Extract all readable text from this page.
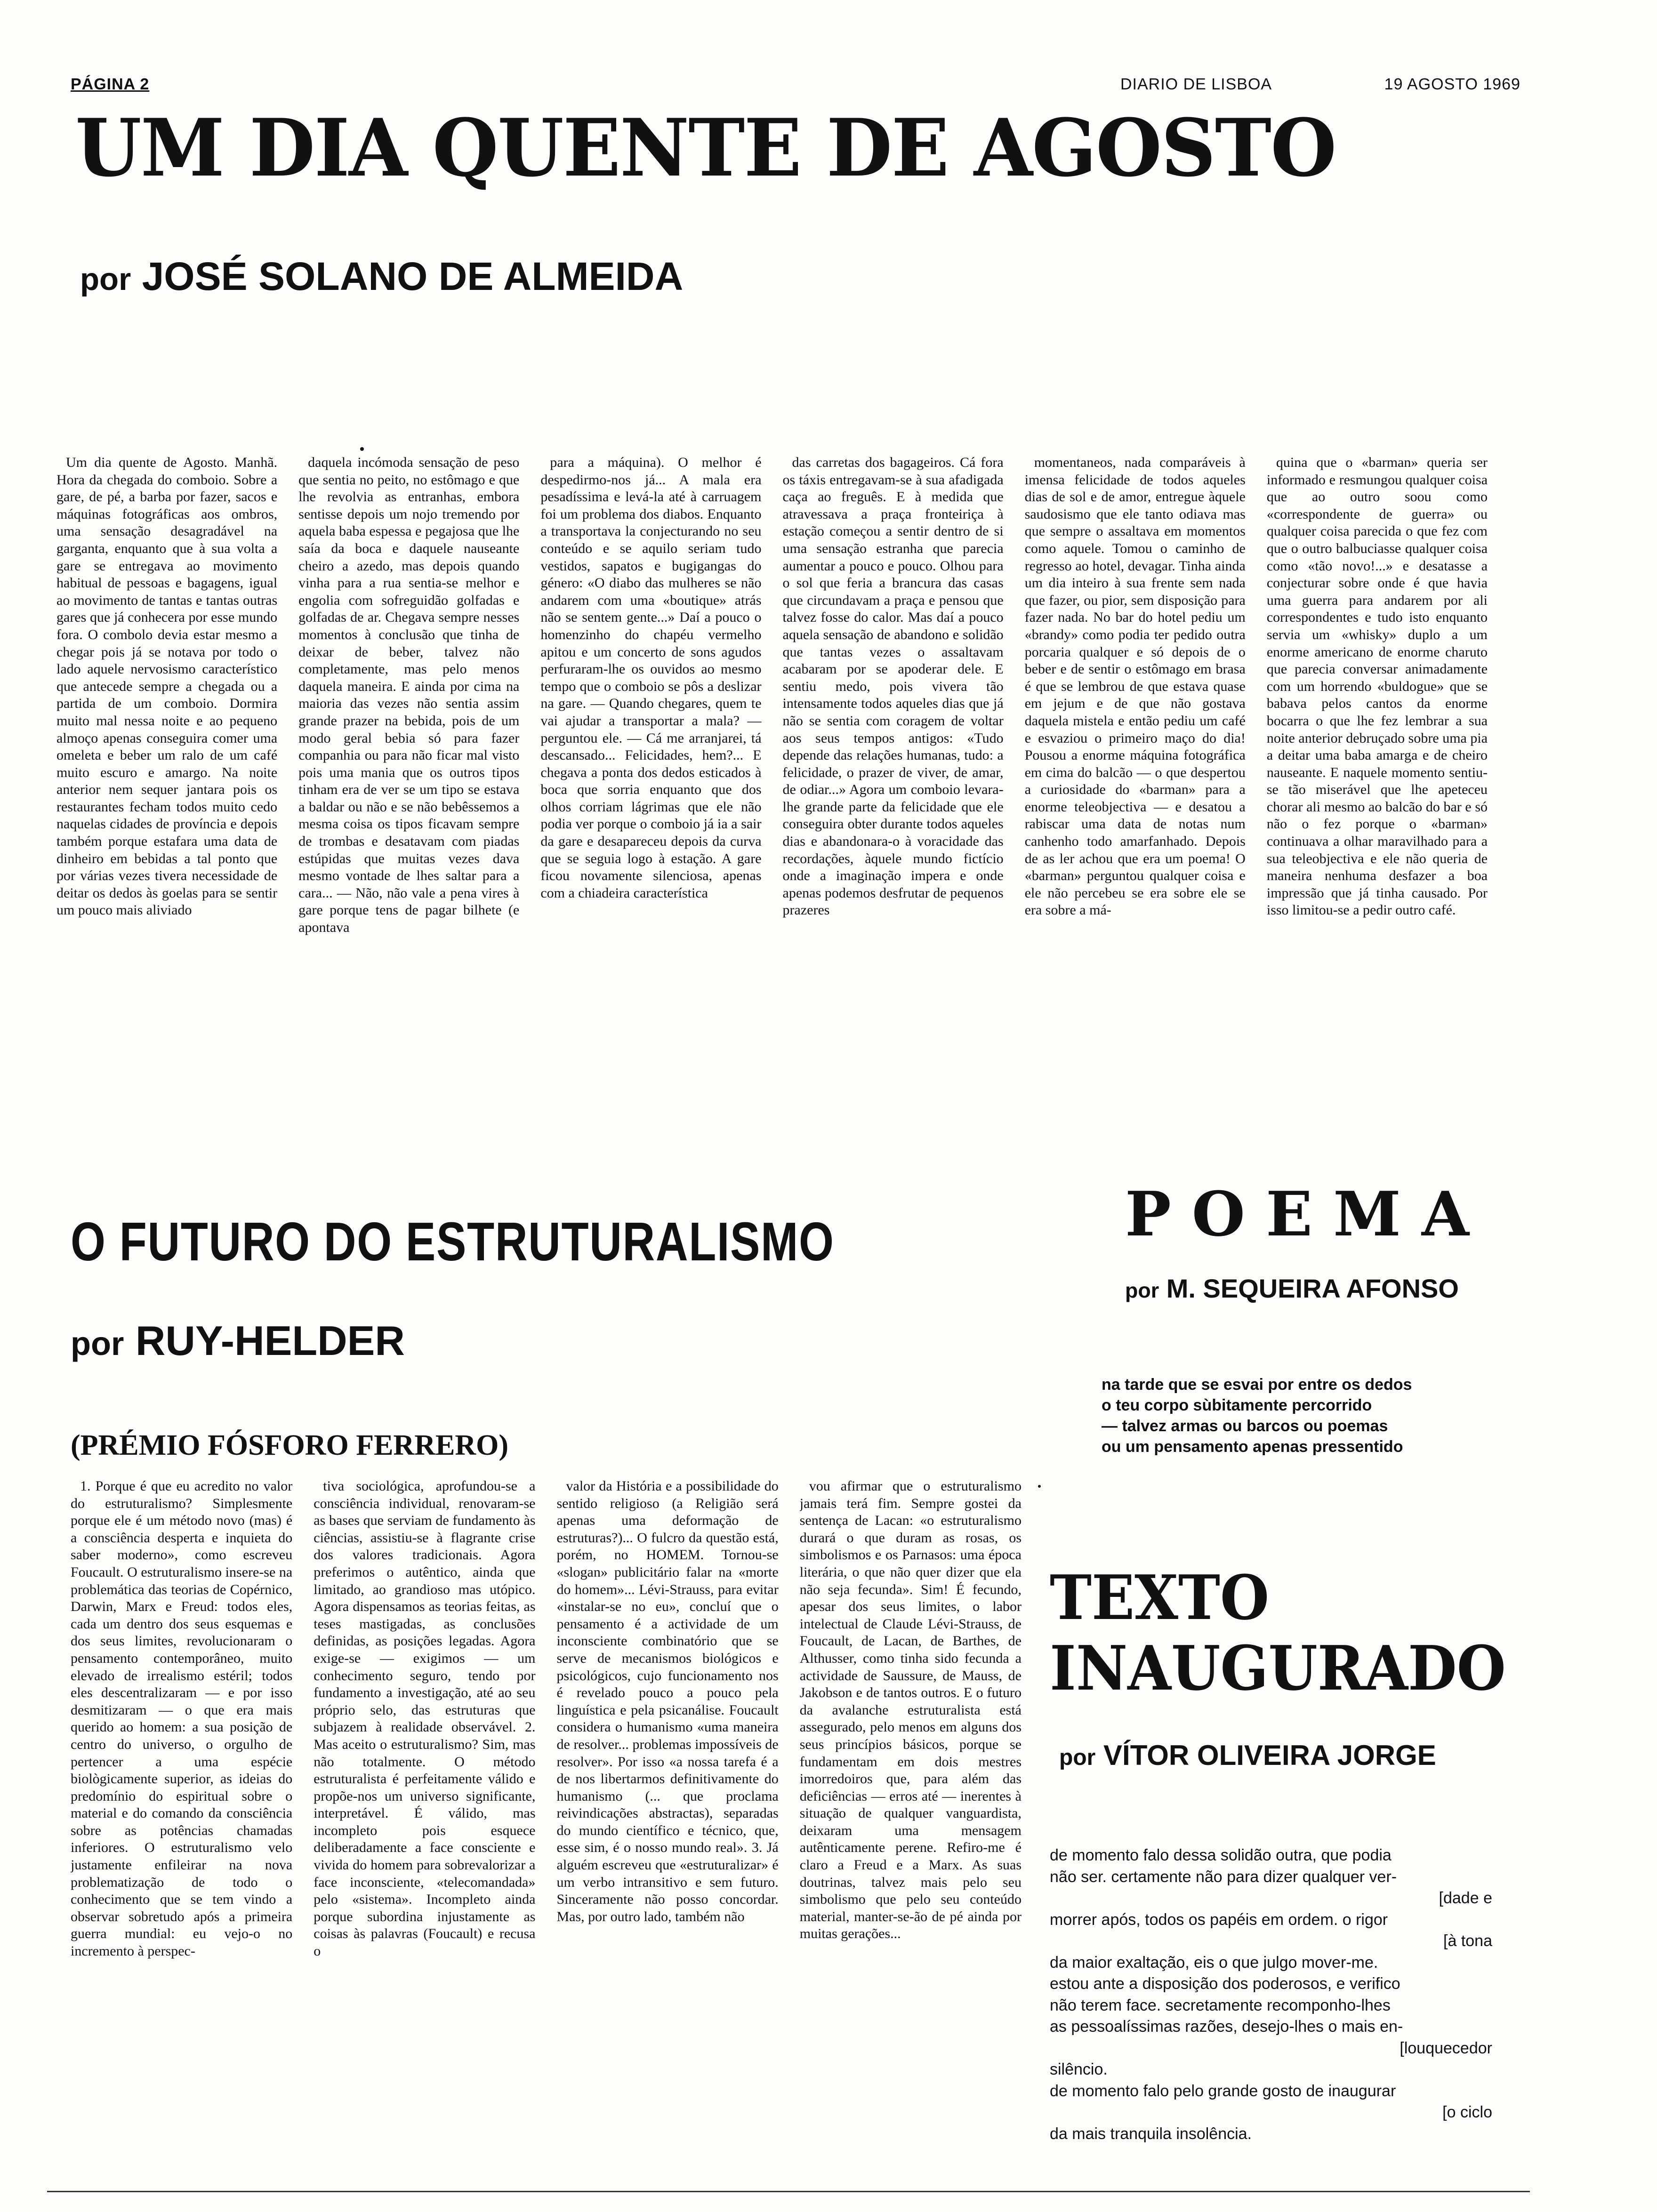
PÁGINA 2	DIARIO DE LISBOA	19 AGOSTO 1969
UM DIA QUENTE DE AGOSTO
por JOSÉ SOLANO DE ALMEIDA

Um dia quente de Agosto. Manhã. Hora da chegada do comboio. Sobre a gare, de pé, a barba por fazer, sacos e máquinas fotográficas aos ombros, uma sensação desagradável na garganta, enquanto que à sua volta a gare se entregava ao movimento habitual de pessoas e bagagens, igual ao movimento de tantas e tantas outras gares que já conhecera por esse mundo fora. O combolo devia estar mesmo a chegar pois já se notava por todo o lado aquele nervosismo característico que antecede sempre a chegada ou a partida de um comboio. Dormira muito mal nessa noite e ao pequeno almoço apenas conseguira comer uma omeleta e beber um ralo de um café muito escuro e amargo. Na noite anterior nem sequer jantara pois os restaurantes fecham todos muito cedo naquelas cidades de província e depois também porque estafara uma data de dinheiro em bebidas a tal ponto que por várias vezes tivera necessidade de deitar os dedos às goelas para se sentir um pouco mais aliviado

daquela incómoda sensação de peso que sentia no peito, no estômago e que lhe revolvia as entranhas, embora sentisse depois um nojo tremendo por aquela baba espessa e pegajosa que lhe saía da boca e daquele nauseante cheiro a azedo, mas depois quando vinha para a rua sentia-se melhor e engolia com sofreguidão golfadas e golfadas de ar. Chegava sempre nesses momentos à conclusão que tinha de deixar de beber, talvez não completamente, mas pelo menos daquela maneira. E ainda por cima na maioria das vezes não sentia assim grande prazer na bebida, pois de um modo geral bebia só para fazer companhia ou para não ficar mal visto pois uma mania que os outros tipos tinham era de ver se um tipo se estava a baldar ou não e se não bebêssemos a mesma coisa os tipos ficavam sempre de trombas e desatavam com piadas estúpidas que muitas vezes dava mesmo vontade de lhes saltar para a cara... — Não, não vale a pena vires à gare porque tens de pagar bilhete (e apontava

para a máquina). O melhor é despedirmo-nos já... A mala era pesadíssima e levá-la até à carruagem foi um problema dos diabos. Enquanto a transportava la conjecturando no seu conteúdo e se aquilo seriam tudo vestidos, sapatos e bugigangas do género: «O diabo das mulheres se não andarem com uma «boutique» atrás não se sentem gente...» Daí a pouco o homenzinho do chapéu vermelho apitou e um concerto de sons agudos perfuraram-lhe os ouvidos ao mesmo tempo que o comboio se pôs a deslizar na gare. — Quando chegares, quem te vai ajudar a transportar a mala? — perguntou ele. — Cá me arranjarei, tá descansado... Felicidades, hem?... E chegava a ponta dos dedos esticados à boca que sorria enquanto que dos olhos corriam lágrimas que ele não podia ver porque o comboio já ia a sair da gare e desapareceu depois da curva que se seguia logo à estação. A gare ficou novamente silenciosa, apenas com a chiadeira característica

das carretas dos bagageiros. Cá fora os táxis entregavam-se à sua afadigada caça ao freguês. E à medida que atravessava a praça fronteiriça à estação começou a sentir dentro de si uma sensação estranha que parecia aumentar a pouco e pouco. Olhou para o sol que feria a brancura das casas que circundavam a praça e pensou que talvez fosse do calor. Mas daí a pouco aquela sensação de abandono e solidão que tantas vezes o assaltavam acabaram por se apoderar dele. E sentiu medo, pois vivera tão intensamente todos aqueles dias que já não se sentia com coragem de voltar aos seus tempos antigos: «Tudo depende das relações humanas, tudo: a felicidade, o prazer de viver, de amar, de odiar...» Agora um comboio levara-lhe grande parte da felicidade que ele conseguira obter durante todos aqueles dias e abandonara-o à voracidade das recordações, àquele mundo fictício onde a imaginação impera e onde apenas podemos desfrutar de pequenos prazeres

momentaneos, nada comparáveis à imensa felicidade de todos aqueles dias de sol e de amor, entregue àquele saudosismo que ele tanto odiava mas que sempre o assaltava em momentos como aquele. Tomou o caminho de regresso ao hotel, devagar. Tinha ainda um dia inteiro à sua frente sem nada que fazer, ou pior, sem disposição para fazer nada. No bar do hotel pediu um «brandy» como podia ter pedido outra porcaria qualquer e só depois de o beber e de sentir o estômago em brasa é que se lembrou de que estava quase em jejum e de que não gostava daquela mistela e então pediu um café e esvaziou o primeiro maço do dia! Pousou a enorme máquina fotográfica em cima do balcão — o que despertou a curiosidade do «barman» para a enorme teleobjectiva — e desatou a rabiscar uma data de notas num canhenho todo amarfanhado. Depois de as ler achou que era um poema! O «barman» perguntou qualquer coisa e ele não percebeu se era sobre ele se era sobre a má-

quina que o «barman» queria ser informado e resmungou qualquer coisa que ao outro soou como «correspondente de guerra» ou qualquer coisa parecida o que fez com que o outro balbuciasse qualquer coisa como «tão novo!...» e desatasse a conjecturar sobre onde é que havia uma guerra para andarem por ali correspondentes e tudo isto enquanto servia um «whisky» duplo a um enorme americano de enorme charuto que parecia conversar animadamente com um horrendo «buldogue» que se babava pelos cantos da enorme bocarra o que lhe fez lembrar a sua noite anterior debruçado sobre uma pia a deitar uma baba amarga e de cheiro nauseante. E naquele momento sentiu-se tão miserável que lhe apeteceu chorar ali mesmo ao balcão do bar e só não o fez porque o «barman» continuava a olhar maravilhado para a sua teleobjectiva e ele não queria de maneira nenhuma desfazer a boa impressão que já tinha causado. Por isso limitou-se a pedir outro café.

O FUTURO DO ESTRUTURALISMO
por RUY-HELDER
(PRÉMIO FÓSFORO FERRERO)

1. Porque é que eu acredito no valor do estruturalismo? Simplesmente porque ele é um método novo (mas) é a consciência desperta e inquieta do saber moderno», como escreveu Foucault. O estruturalismo insere-se na problemática das teorias de Copérnico, Darwin, Marx e Freud: todos eles, cada um dentro dos seus esquemas e dos seus limites, revolucionaram o pensamento contemporâneo, muito elevado de irrealismo estéril; todos eles descentralizaram — e por isso desmitizaram — o que era mais querido ao homem: a sua posição de centro do universo, o orgulho de pertencer a uma espécie biològicamente superior, as ideias do predomínio do espiritual sobre o material e do comando da consciência sobre as potências chamadas inferiores. O estruturalismo velo justamente enfileirar na nova problematização de todo o conhecimento que se tem vindo a observar sobretudo após a primeira guerra mundial: eu vejo-o no incremento à perspec-

tiva sociológica, aprofundou-se a consciência individual, renovaram-se as bases que serviam de fundamento às ciências, assistiu-se à flagrante crise dos valores tradicionais. Agora preferimos o autêntico, ainda que limitado, ao grandioso mas utópico. Agora dispensamos as teorias feitas, as teses mastigadas, as conclusões definidas, as posições legadas. Agora exige-se — exigimos — um conhecimento seguro, tendo por fundamento a investigação, até ao seu próprio selo, das estruturas que subjazem à realidade observável. 2. Mas aceito o estruturalismo? Sim, mas não totalmente. O método estruturalista é perfeitamente válido e propõe-nos um universo significante, interpretável. É válido, mas incompleto pois esquece deliberadamente a face consciente e vivida do homem para sobrevalorizar a face inconsciente, «telecomandada» pelo «sistema». Incompleto ainda porque subordina injustamente as coisas às palavras (Foucault) e recusa o

valor da História e a possibilidade do sentido religioso (a Religião será apenas uma deformação de estruturas?)... O fulcro da questão está, porém, no HOMEM. Tornou-se «slogan» publicitário falar na «morte do homem»... Lévi-Strauss, para evitar «instalar-se no eu», concluí que o pensamento é a actividade de um inconsciente combinatório que se serve de mecanismos biológicos e psicológicos, cujo funcionamento nos é revelado pouco a pouco pela linguística e pela psicanálise. Foucault considera o humanismo «uma maneira de resolver... problemas impossíveis de resolver». Por isso «a nossa tarefa é a de nos libertarmos definitivamente do humanismo (... que proclama reivindicações abstractas), separadas do mundo científico e técnico, que, esse sim, é o nosso mundo real». 3. Já alguém escreveu que «estruturalizar» é um verbo intransitivo e sem futuro. Sinceramente não posso concordar. Mas, por outro lado, também não

vou afirmar que o estruturalismo jamais terá fim. Sempre gostei da sentença de Lacan: «o estruturalismo durará o que duram as rosas, os simbolismos e os Parnasos: uma época literária, o que não quer dizer que ela não seja fecunda». Sim! É fecundo, apesar dos seus limites, o labor intelectual de Claude Lévi-Strauss, de Foucault, de Lacan, de Barthes, de Althusser, como tinha sido fecunda a actividade de Saussure, de Mauss, de Jakobson e de tantos outros. E o futuro da avalanche estruturalista está assegurado, pelo menos em alguns dos seus princípios básicos, porque se fundamentam em dois mestres imorredoiros que, para além das deficiências — erros até — inerentes à situação de qualquer vanguardista, deixaram uma mensagem autênticamente perene. Refiro-me é claro a Freud e a Marx. As suas doutrinas, talvez mais pelo seu simbolismo que pelo seu conteúdo material, manter-se-ão de pé ainda por muitas gerações...

POEMA
por M. SEQUEIRA AFONSO
na tarde que se esvai por entre os dedos
o teu corpo sùbitamente percorrido
— talvez armas ou barcos ou poemas
ou um pensamento apenas pressentido
TEXTO
INAUGURADO
por VÍTOR OLIVEIRA JORGE
de momento falo dessa solidão outra, que podia
não ser. certamente não para dizer qualquer ver-
[dade e
morrer após, todos os papéis em ordem. o rigor
[à tona
da maior exaltação, eis o que julgo mover-me.
estou ante a disposição dos poderosos, e verifico
não terem face. secretamente recomponho-lhes
as pessoalíssimas razões, desejo-lhes o mais en-
[louquecedor
silêncio.
de momento falo pelo grande gosto de inaugurar
[o ciclo
da mais tranquila insolência.
